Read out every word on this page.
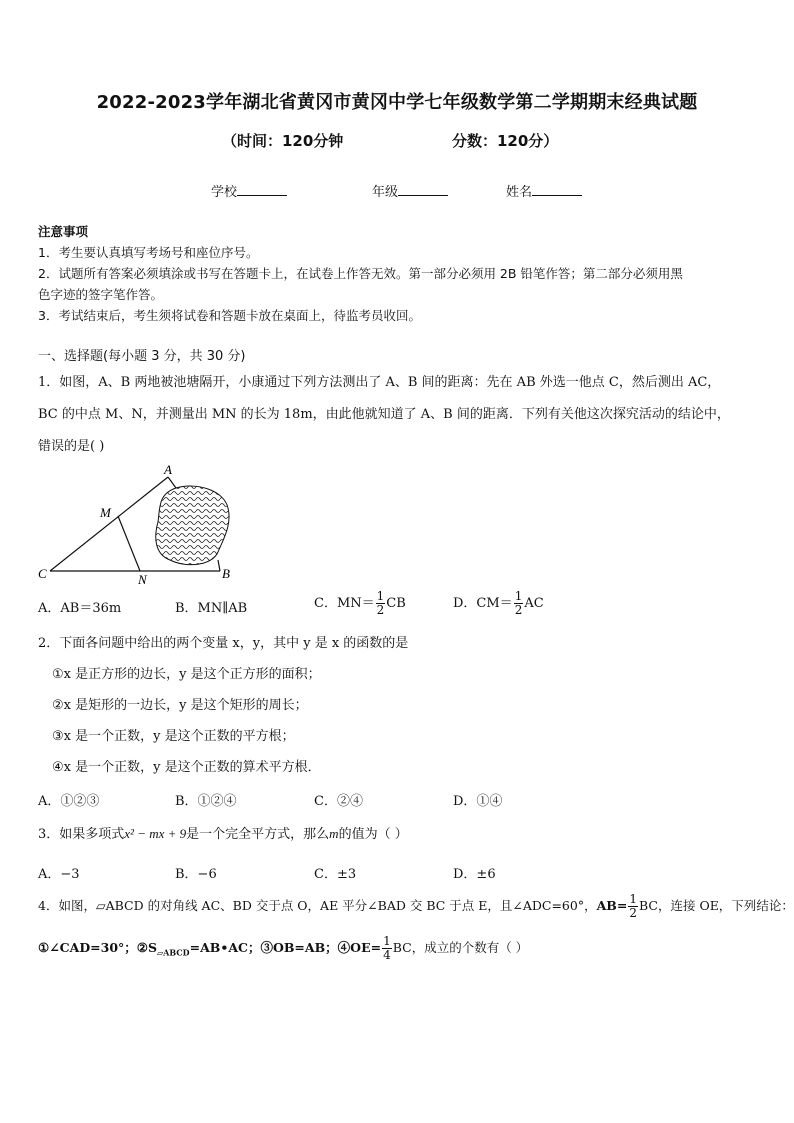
2022-2023学年湖北省黄冈市黄冈中学七年级数学第二学期期末经典试题
（时间：120分钟	分数：120分）
学校	年级	姓名
注意事项
1．考生要认真填写考场号和座位序号。
2．试题所有答案必须填涂或书写在答题卡上，在试卷上作答无效。第一部分必须用 2B 铅笔作答；第二部分必须用黑
色字迹的签字笔作答。
3．考试结束后，考生须将试卷和答题卡放在桌面上，待监考员收回。
一、选择题(每小题 3 分，共 30 分)
1．如图，A、B 两地被池塘隔开，小康通过下列方法测出了 A、B 间的距离：先在 AB 外选一他点 C，然后测出 AC，
BC 的中点 M、N，并测量出 MN 的长为 18m，由此他就知道了 A、B 间的距离．下列有关他这次探究活动的结论中，
错误的是( )
A
M
C	N	B
A．AB＝36m	B．MN∥AB	C．$MN= \frac{1}{2}$ CB	D．$CM= \frac{1}{2}$ AC
2．下面各问题中给出的两个变量 x，y，其中 y 是 x 的函数的是
①x 是正方形的边长，y 是这个正方形的面积；
②x 是矩形的一边长，y 是这个矩形的周长；
③x 是一个正数，y 是这个正数的平方根；
④x 是一个正数，y 是这个正数的算术平方根．
A．①②③	B．①②④	C．②④	D．①④
3．如果多项式x² − mx + 9是一个完全平方式，那么m的值为（ ）
A．−3	B．−6	C．±3	D．±6
4．如图，▱ABCD 的对角线 AC、BD 交于点 O，AE 平分∠BAD 交 BC 于点 E，且∠ADC=60°，$AB= \frac{1}{2}$ BC，连接 OE，下列结论：
①∠CAD=30°；$②S_{▱ABCD}=AB•AC$；③OB=AB；④OE= $\frac{1}{4}$ BC，成立的个数有（ ）
